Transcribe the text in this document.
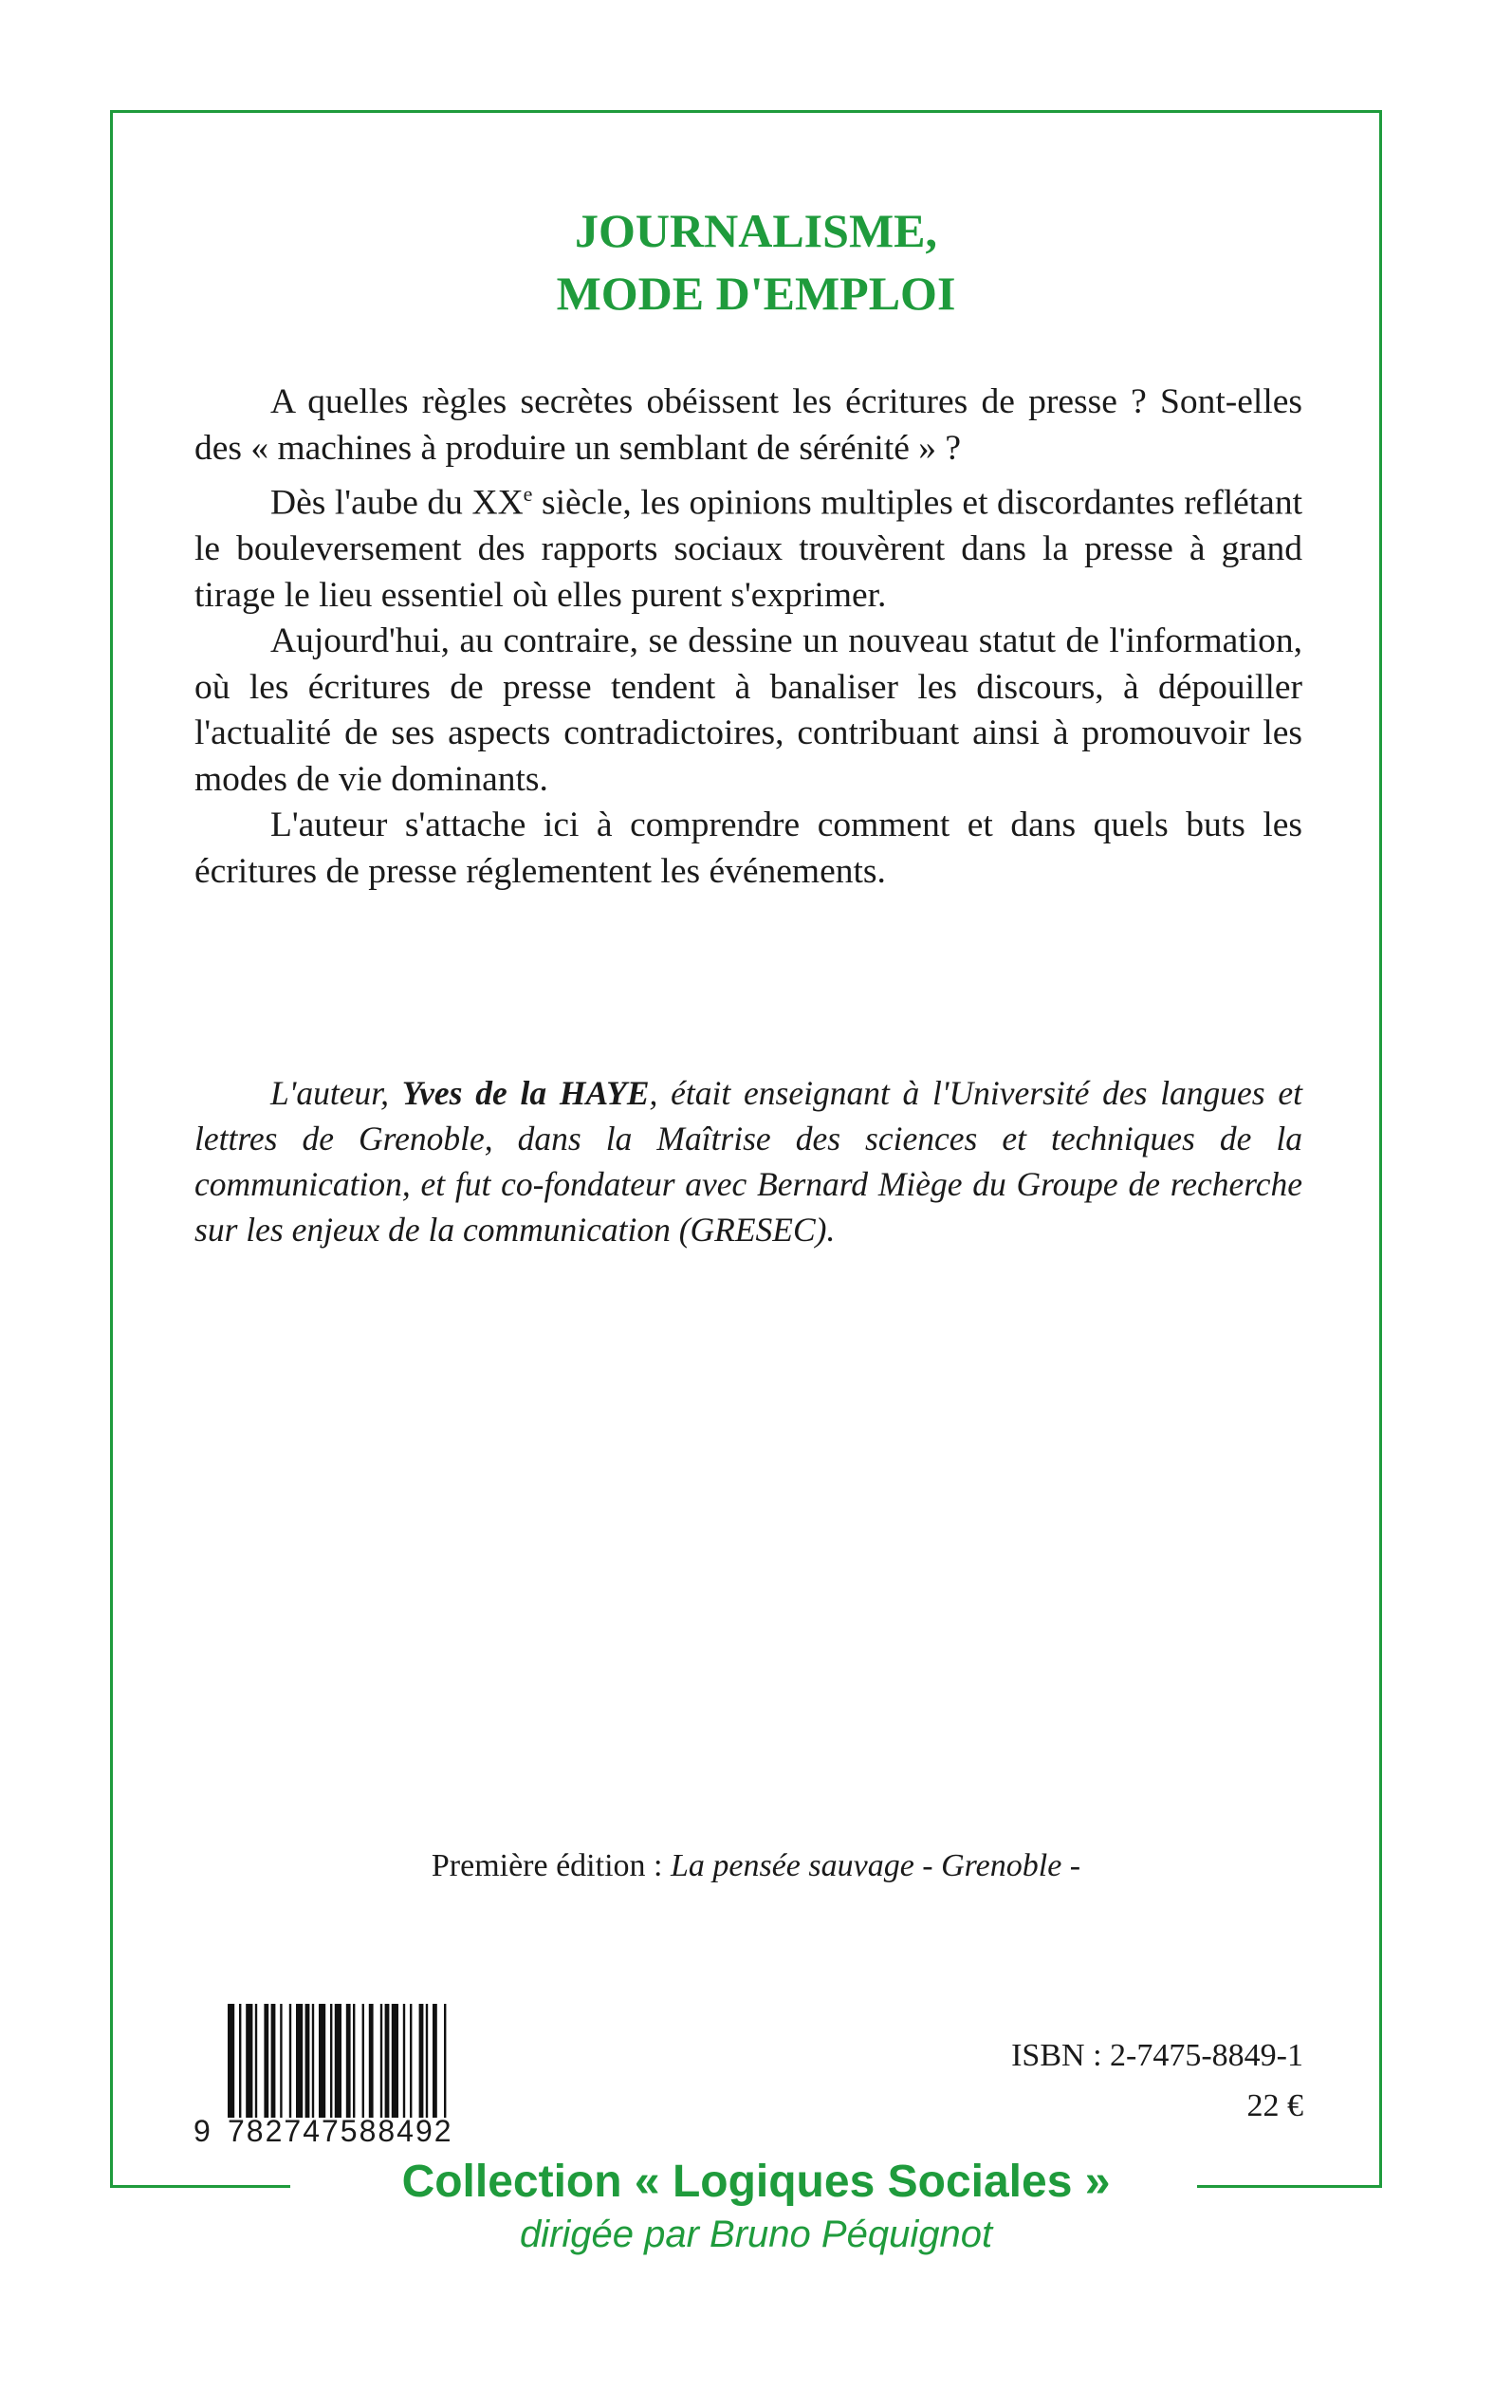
JOURNALISME,
MODE D'EMPLOI

A quelles règles secrètes obéissent les écritures de presse ? Sont-elles des « machines à produire un semblant de sérénité » ?

Dès l'aube du XXe siècle, les opinions multiples et discordantes reflétant le bouleversement des rapports sociaux trouvèrent dans la presse à grand tirage le lieu essentiel où elles purent s'exprimer.

Aujourd'hui, au contraire, se dessine un nouveau statut de l'information, où les écritures de presse tendent à banaliser les discours, à dépouiller l'actualité de ses aspects contradictoires, contribuant ainsi à promouvoir les modes de vie dominants.

L'auteur s'attache ici à comprendre comment et dans quels buts les écritures de presse réglementent les événements.

L'auteur, Yves de la HAYE, était enseignant à l'Université des langues et lettres de Grenoble, dans la Maîtrise des sciences et techniques de la communication, et fut co-fondateur avec Bernard Miège du Groupe de recherche sur les enjeux de la communication (GRESEC).

Première édition : La pensée sauvage - Grenoble -
9 782747588492
ISBN : 2-7475-8849-1
22 €
Collection « Logiques Sociales »
dirigée par Bruno Péquignot
